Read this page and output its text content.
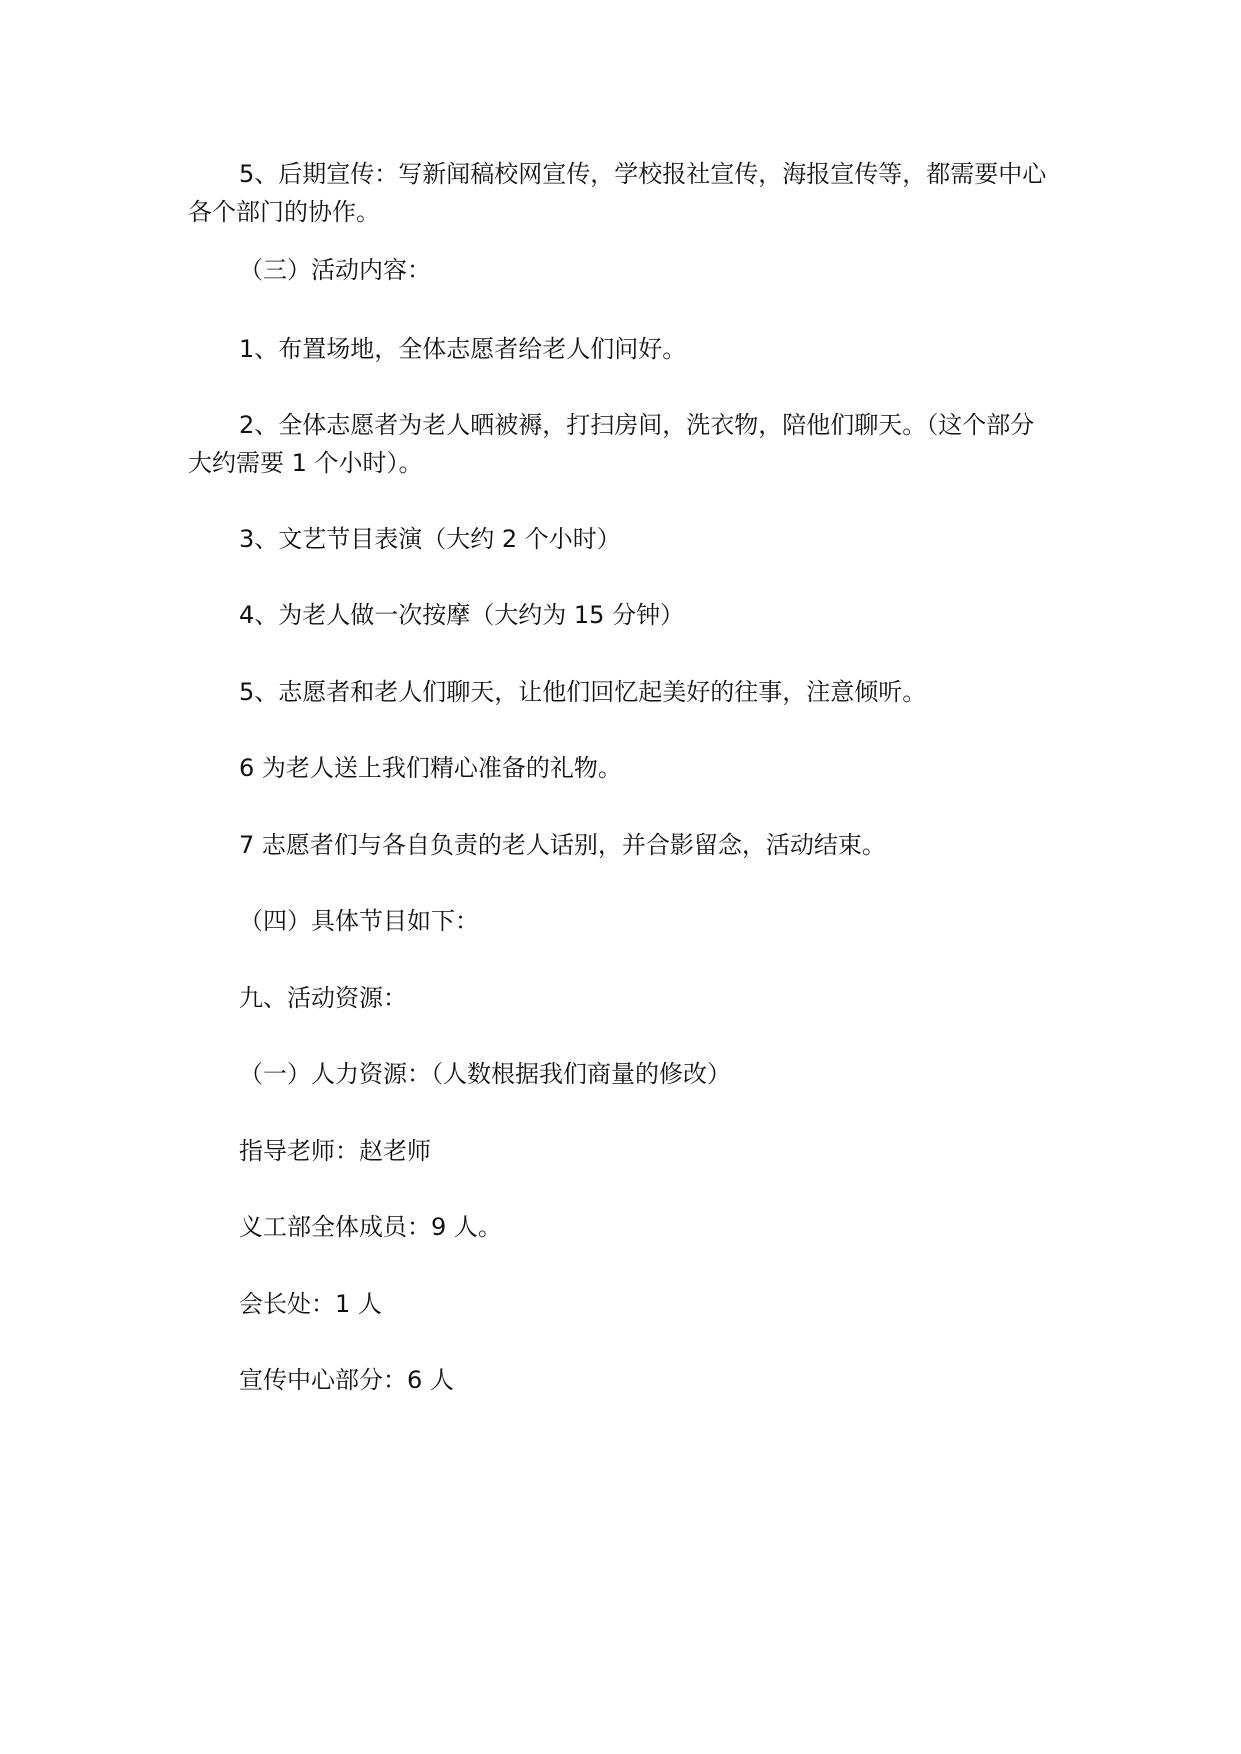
5、后期宣传：写新闻稿校网宣传，学校报社宣传，海报宣传等，都需要中心各个部门的协作。

（三）活动内容：

1、布置场地，全体志愿者给老人们问好。

2、全体志愿者为老人晒被褥，打扫房间，洗衣物，陪他们聊天。（这个部分大约需要 1 个小时）。

3、文艺节目表演（大约 2 个小时）

4、为老人做一次按摩（大约为 15 分钟）

5、志愿者和老人们聊天，让他们回忆起美好的往事，注意倾听。

6 为老人送上我们精心准备的礼物。

7 志愿者们与各自负责的老人话别，并合影留念，活动结束。

（四）具体节目如下：

九、活动资源：

（一）人力资源：（人数根据我们商量的修改）

指导老师：赵老师

义工部全体成员：9 人。

会长处：1 人

宣传中心部分：6 人
